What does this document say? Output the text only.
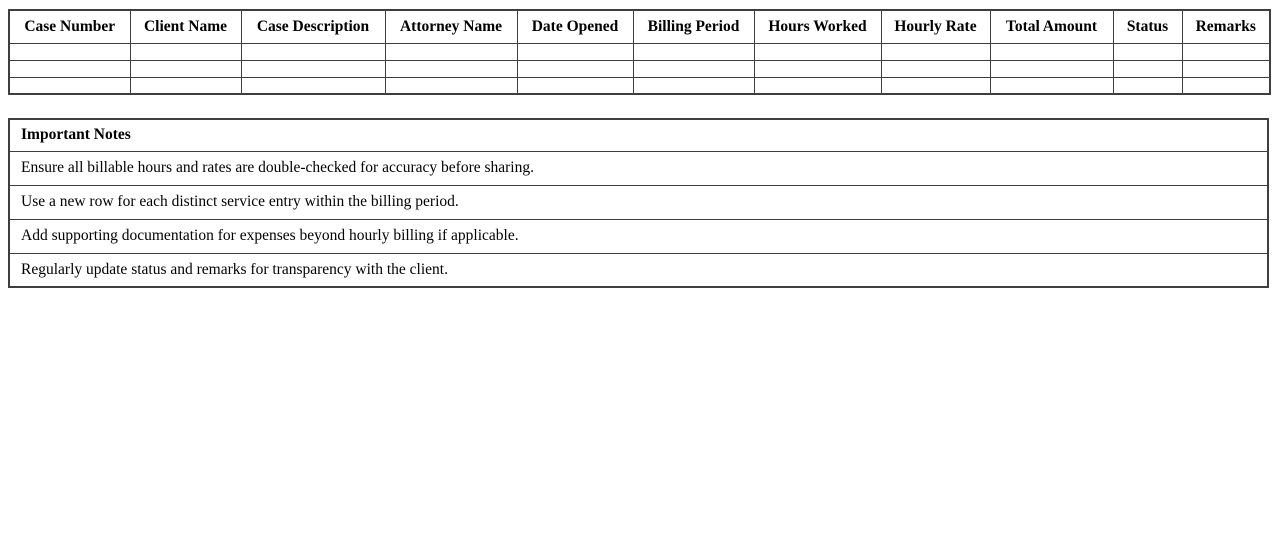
Case Number	Client Name	Case Description	Attorney Name	Date Opened	Billing Period	Hours Worked	Hourly Rate	Total Amount	Status	Remarks

Important Notes
Ensure all billable hours and rates are double-checked for accuracy before sharing.
Use a new row for each distinct service entry within the billing period.
Add supporting documentation for expenses beyond hourly billing if applicable.
Regularly update status and remarks for transparency with the client.
